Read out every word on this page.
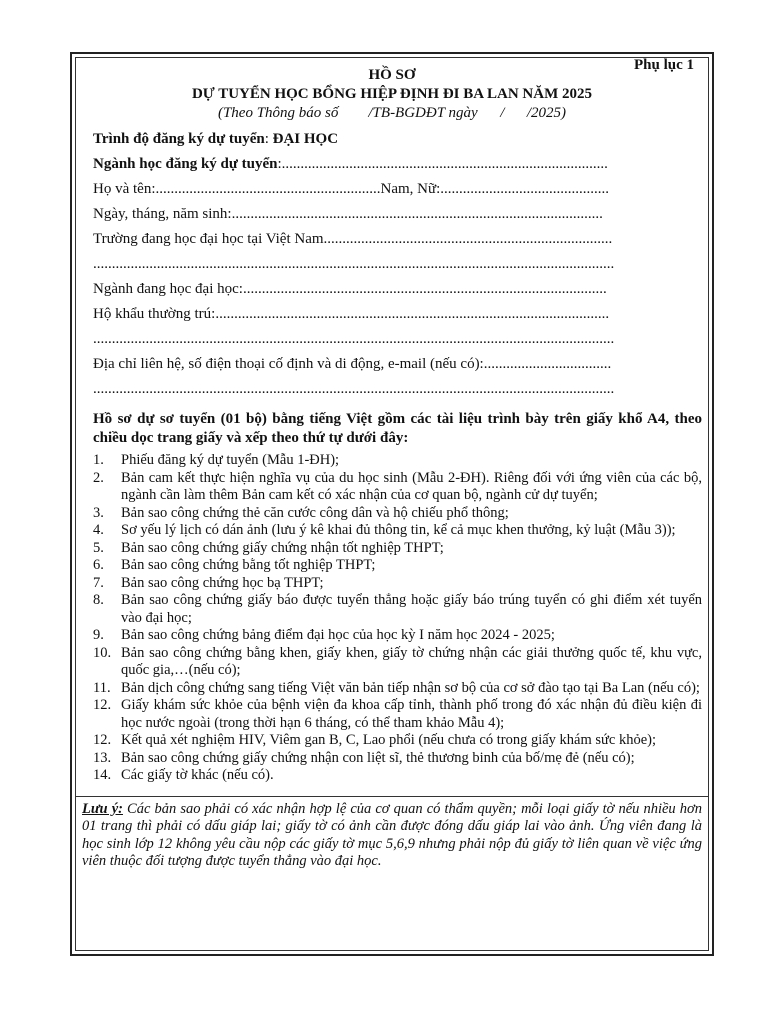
Phụ lục 1
HỒ SƠ
DỰ TUYỂN HỌC BỔNG HIỆP ĐỊNH ĐI BA LAN NĂM 2025
(Theo Thông báo số        /TB-BGDĐT ngày      /      /2025)
Trình độ đăng ký dự tuyển: ĐẠI HỌC
Ngành học đăng ký dự tuyển:.......................................................................................
Họ và tên:............................................................Nam, Nữ:.............................................
Ngày, tháng, năm sinh:...................................................................................................
Trường đang học đại học tại Việt Nam.............................................................................
...........................................................................................................................................
Ngành đang học đại học:.................................................................................................
Hộ khẩu thường trú:.........................................................................................................
...........................................................................................................................................
Địa chỉ liên hệ, số điện thoại cố định và di động, e-mail (nếu có):..................................
...........................................................................................................................................
Hồ sơ dự sơ tuyển (01 bộ) bằng tiếng Việt gồm các tài liệu trình bày trên giấy khổ A4, theo chiều dọc trang giấy và xếp theo thứ tự dưới đây:
1. Phiếu đăng ký dự tuyển (Mẫu 1-ĐH);
2. Bản cam kết thực hiện nghĩa vụ của du học sinh (Mẫu 2-ĐH). Riêng đối với ứng viên của các bộ, ngành cần làm thêm Bản cam kết có xác nhận của cơ quan bộ, ngành cử dự tuyển;
3. Bản sao công chứng thẻ căn cước công dân và hộ chiếu phổ thông;
4. Sơ yếu lý lịch có dán ảnh (lưu ý kê khai đủ thông tin, kể cả mục khen thưởng, kỷ luật (Mẫu 3));
5. Bản sao công chứng giấy chứng nhận tốt nghiệp THPT;
6. Bản sao công chứng bằng tốt nghiệp THPT;
7. Bản sao công chứng học bạ THPT;
8. Bản sao công chứng giấy báo được tuyển thẳng hoặc giấy báo trúng tuyển có ghi điểm xét tuyển vào đại học;
9. Bản sao công chứng bảng điểm đại học của học kỳ I năm học 2024 - 2025;
10. Bản sao công chứng bằng khen, giấy khen, giấy tờ chứng nhận các giải thưởng quốc tế, khu vực, quốc gia,…(nếu có);
11. Bản dịch công chứng sang tiếng Việt văn bản tiếp nhận sơ bộ của cơ sở đào tạo tại Ba Lan (nếu có);
12. Giấy khám sức khỏe của bệnh viện đa khoa cấp tỉnh, thành phố trong đó xác nhận đủ điều kiện đi học nước ngoài (trong thời hạn 6 tháng, có thể tham khảo Mẫu 4);
12. Kết quả xét nghiệm HIV, Viêm gan B, C, Lao phổi (nếu chưa có trong giấy khám sức khỏe);
13. Bản sao công chứng giấy chứng nhận con liệt sĩ, thẻ thương binh của bố/mẹ đẻ (nếu có);
14. Các giấy tờ khác (nếu có).
Lưu ý: Các bản sao phải có xác nhận hợp lệ của cơ quan có thẩm quyền; mỗi loại giấy tờ nếu nhiều hơn 01 trang thì phải có dấu giáp lai; giấy tờ có ảnh cần được đóng dấu giáp lai vào ảnh. Ứng viên đang là học sinh lớp 12 không yêu cầu nộp các giấy tờ mục 5,6,9 nhưng phải nộp đủ giấy tờ liên quan về việc ứng viên thuộc đối tượng được tuyển thẳng vào đại học.
